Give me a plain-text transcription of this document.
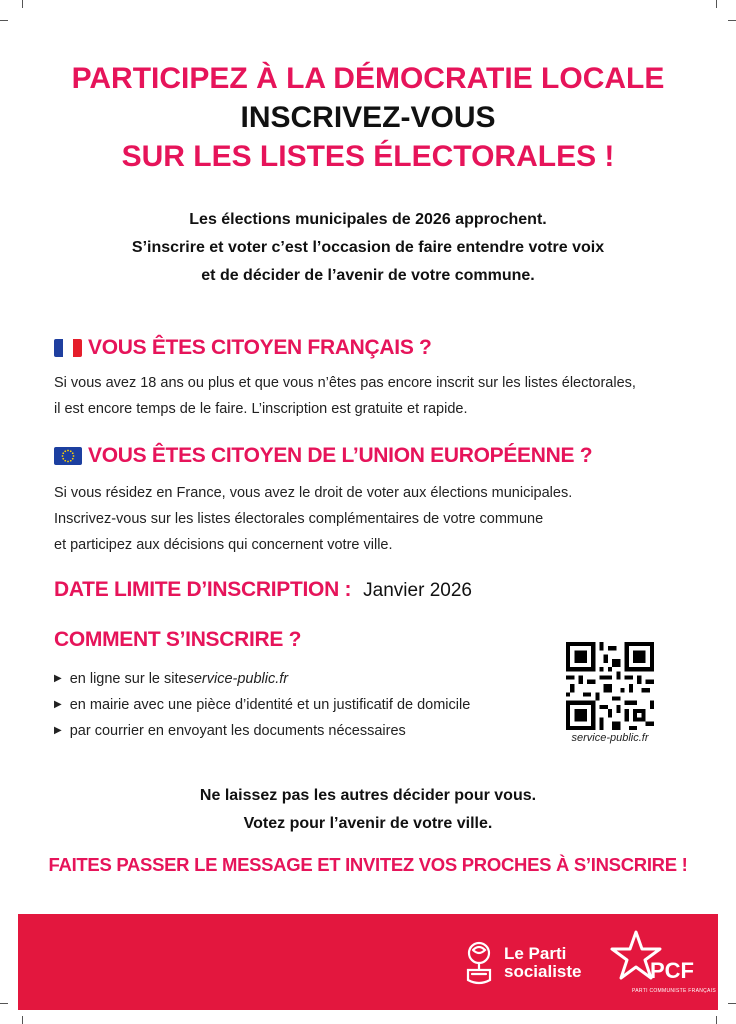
PARTICIPEZ À LA DÉMOCRATIE LOCALE
INSCRIVEZ-VOUS
SUR LES LISTES ÉLECTORALES !
Les élections municipales de 2026 approchent.
S’inscrire et voter c’est l’occasion de faire entendre votre voix
et de décider de l’avenir de votre commune.
VOUS ÊTES CITOYEN FRANÇAIS ?
Si vous avez 18 ans ou plus et que vous n’êtes pas encore inscrit sur les listes électorales,
il est encore temps de le faire. L’inscription est gratuite et rapide.
VOUS ÊTES CITOYEN DE L’UNION EUROPÉENNE ?
Si vous résidez en France, vous avez le droit de voter aux élections municipales.
Inscrivez-vous sur les listes électorales complémentaires de votre commune
et participez aux décisions qui concernent votre ville.
DATE LIMITE D’INSCRIPTION : Janvier 2026
COMMENT S’INSCRIRE ?
▶ en ligne sur le site service-public.fr
▶ en mairie avec une pièce d’identité et un justificatif de domicile
▶ par courrier en envoyant les documents nécessaires	service-public.fr
Ne laissez pas les autres décider pour vous.
Votez pour l’avenir de votre ville.
FAITES PASSER LE MESSAGE ET INVITEZ VOS PROCHES À S’INSCRIRE !
Le Parti
socialiste	PCF
PARTI COMMUNISTE FRANÇAIS
